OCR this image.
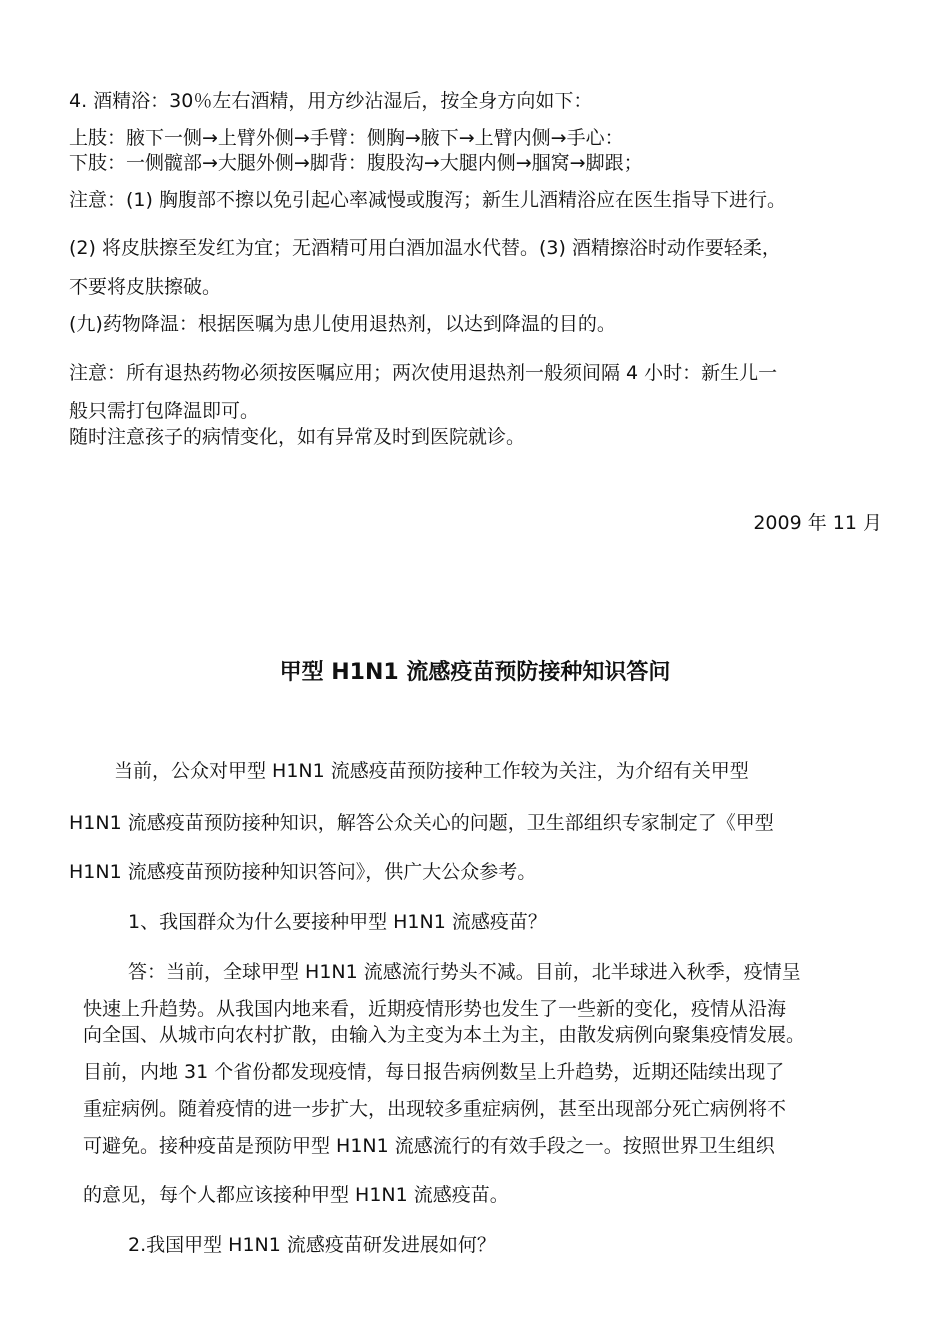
4. 酒精浴：30％左右酒精，用方纱沾湿后，按全身方向如下：

上肢：腋下一侧→上臂外侧→手臂：侧胸→腋下→上臂内侧→手心：

下肢：一侧髋部→大腿外侧→脚背：腹股沟→大腿内侧→腘窝→脚跟；

注意：(1) 胸腹部不擦以免引起心率减慢或腹泻；新生儿酒精浴应在医生指导下进行。

(2) 将皮肤擦至发红为宜；无酒精可用白酒加温水代替。(3) 酒精擦浴时动作要轻柔，

不要将皮肤擦破。

(九)药物降温：根据医嘱为患儿使用退热剂，以达到降温的目的。

注意：所有退热药物必须按医嘱应用；两次使用退热剂一般须间隔 4 小时：新生儿一

般只需打包降温即可。

随时注意孩子的病情变化，如有异常及时到医院就诊。

2009 年 11 月
甲型 H1N1 流感疫苗预防接种知识答问

当前，公众对甲型 H1N1 流感疫苗预防接种工作较为关注，为介绍有关甲型

H1N1 流感疫苗预防接种知识，解答公众关心的问题，卫生部组织专家制定了《甲型

H1N1 流感疫苗预防接种知识答问》，供广大公众参考。

1、我国群众为什么要接种甲型 H1N1 流感疫苗？

答：当前，全球甲型 H1N1 流感流行势头不减。目前，北半球进入秋季，疫情呈

快速上升趋势。从我国内地来看，近期疫情形势也发生了一些新的变化，疫情从沿海

向全国、从城市向农村扩散，由输入为主变为本土为主，由散发病例向聚集疫情发展。

目前，内地 31 个省份都发现疫情，每日报告病例数呈上升趋势，近期还陆续出现了

重症病例。随着疫情的进一步扩大，出现较多重症病例，甚至出现部分死亡病例将不

可避免。接种疫苗是预防甲型 H1N1 流感流行的有效手段之一。按照世界卫生组织

的意见，每个人都应该接种甲型 H1N1 流感疫苗。

2.我国甲型 H1N1 流感疫苗研发进展如何？
